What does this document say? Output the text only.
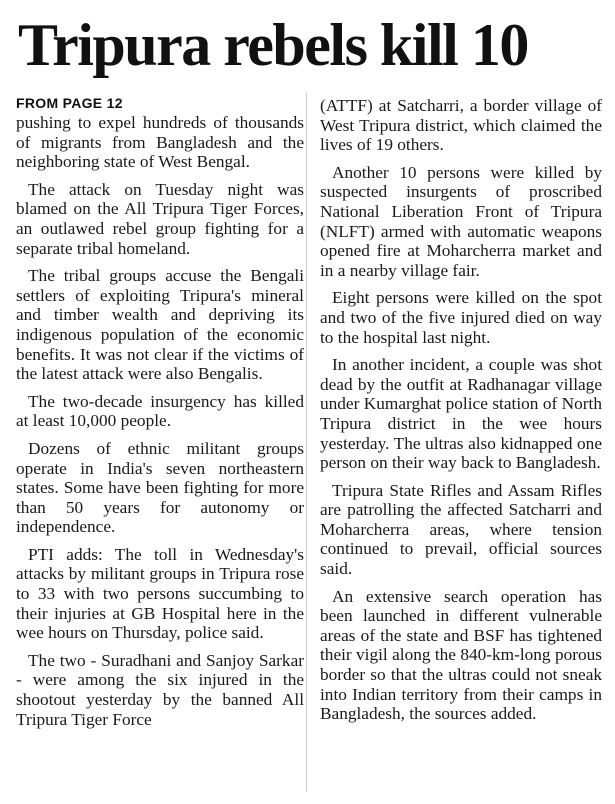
Tripura rebels kill 10
FROM PAGE 12

pushing to expel hundreds of thousands of migrants from Bangladesh and the neighboring state of West Bengal.

The attack on Tuesday night was blamed on the All Tripura Tiger Forces, an outlawed rebel group fighting for a separate tribal homeland.

The tribal groups accuse the Bengali settlers of exploiting Tripura's mineral and timber wealth and depriving its indigenous population of the economic benefits. It was not clear if the victims of the latest attack were also Bengalis.

The two-decade insurgency has killed at least 10,000 people.

Dozens of ethnic militant groups operate in India's seven northeastern states. Some have been fighting for more than 50 years for autonomy or independence.

PTI adds: The toll in Wednesday's attacks by militant groups in Tripura rose to 33 with two persons succumbing to their injuries at GB Hospital here in the wee hours on Thursday, police said.

The two - Suradhani and Sanjoy Sarkar - were among the six injured in the shootout yesterday by the banned All Tripura Tiger Force

(ATTF) at Satcharri, a border village of West Tripura district, which claimed the lives of 19 others.

Another 10 persons were killed by suspected insurgents of proscribed National Liberation Front of Tripura (NLFT) armed with automatic weapons opened fire at Moharcherra market and in a nearby village fair.

Eight persons were killed on the spot and two of the five injured died on way to the hospital last night.

In another incident, a couple was shot dead by the outfit at Radhanagar village under Kumarghat police station of North Tripura district in the wee hours yesterday. The ultras also kidnapped one person on their way back to Bangladesh.

Tripura State Rifles and Assam Rifles are patrolling the affected Satcharri and Moharcherra areas, where tension continued to prevail, official sources said.

An extensive search operation has been launched in different vulnerable areas of the state and BSF has tightened their vigil along the 840-km-long porous border so that the ultras could not sneak into Indian territory from their camps in Bangladesh, the sources added.
